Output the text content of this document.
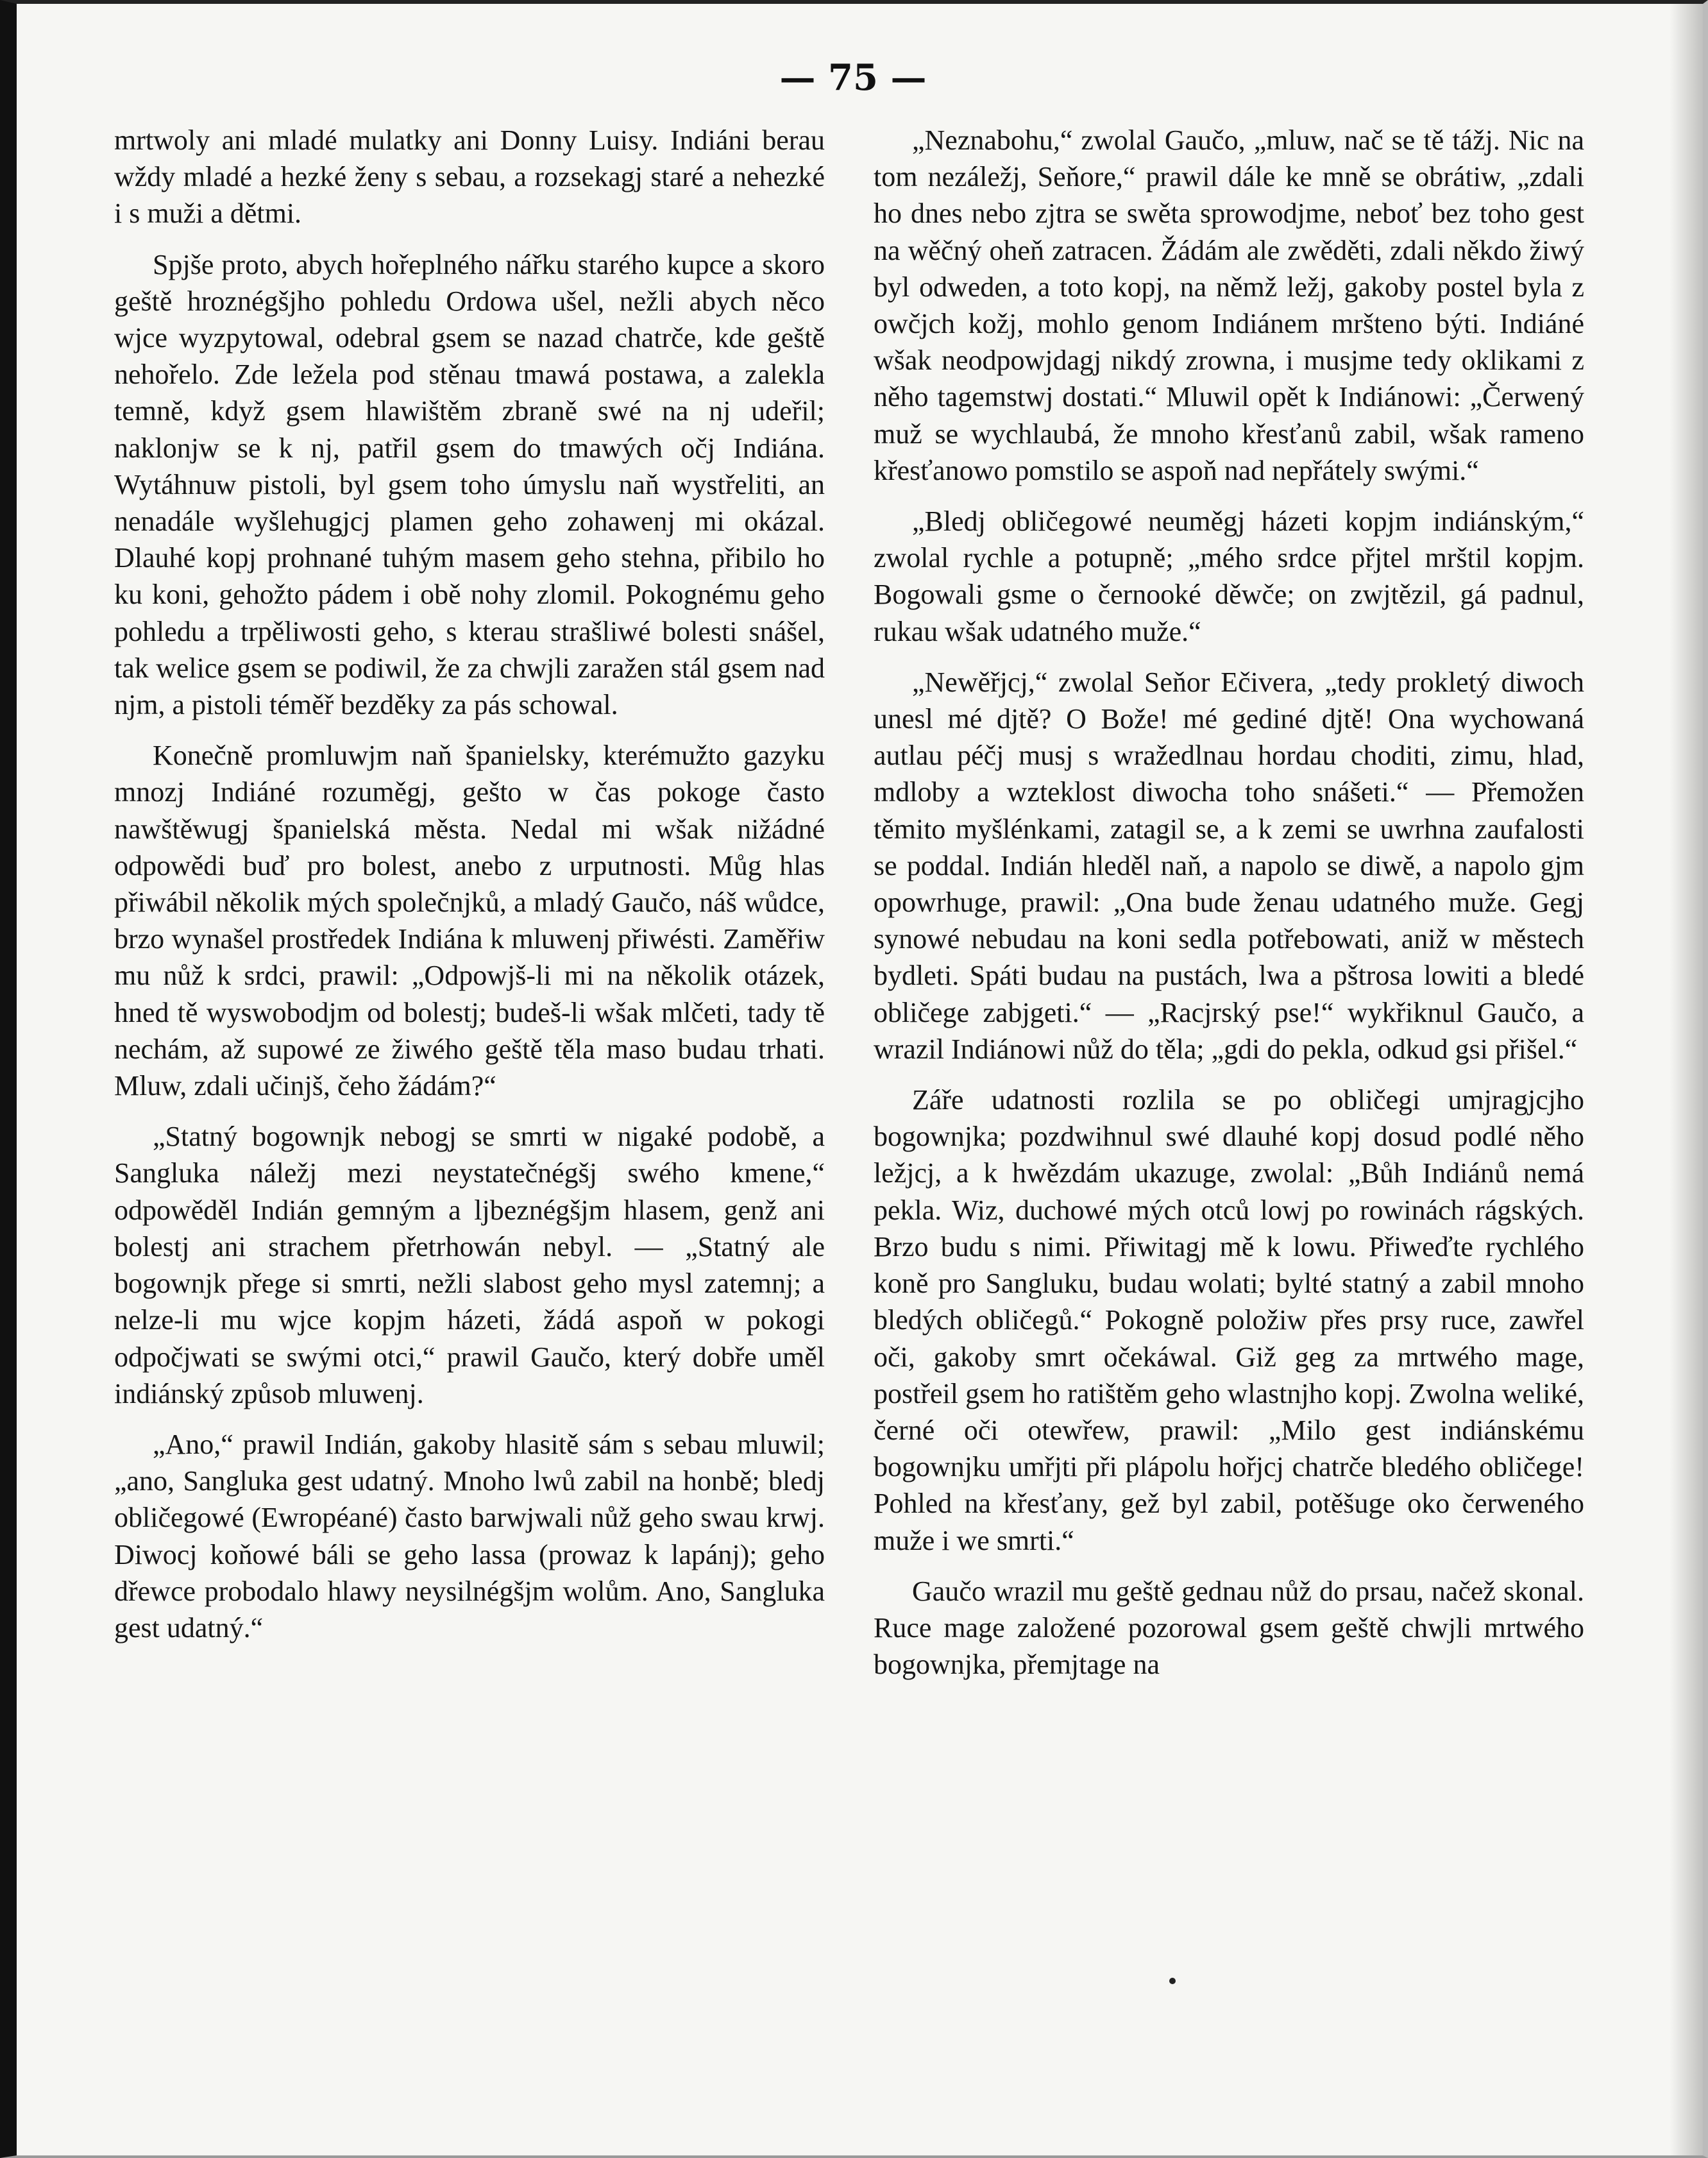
— 75 —

mrtwoly ani mladé mulatky ani Donny Luisy. Indiáni berau wždy mladé a hezké ženy s sebau, a rozsekagj staré a nehezké i s muži a dětmi.

Spjše proto, abych hořeplného nářku starého kupce a skoro geště hroznégšjho pohledu Ordowa ušel, nežli abych něco wjce wyzpytowal, odebral gsem se nazad chatrče, kde geště nehořelo. Zde ležela pod stěnau tmawá postawa, a zalekla temně, když gsem hlawištěm zbraně swé na nj udeřil; naklonjw se k nj, patřil gsem do tmawých očj Indiána. Wytáhnuw pistoli, byl gsem toho úmyslu naň wystřeliti, an nenadále wyšlehugjcj plamen geho zohawenj mi okázal. Dlauhé kopj prohnané tuhým masem geho stehna, přibilo ho ku koni, gehožto pádem i obě nohy zlomil. Pokognému geho pohledu a trpěliwosti geho, s kterau strašliwé bolesti snášel, tak welice gsem se podiwil, že za chwjli zaražen stál gsem nad njm, a pistoli téměř bezděky za pás schowal.

Konečně promluwjm naň španielsky, kterémužto gazyku mnozj Indiáné rozuměgj, gešto w čas pokoge často nawštěwugj španielská města. Nedal mi wšak nižádné odpowědi buď pro bolest, anebo z urputnosti. Můg hlas přiwábil několik mých společnjků, a mladý Gaučo, náš wůdce, brzo wynašel prostředek Indiána k mluwenj přiwésti. Zaměřiw mu nůž k srdci, prawil: „Odpowjš-li mi na několik otázek, hned tě wyswobodjm od bolestj; budeš-li wšak mlčeti, tady tě nechám, až supowé ze žiwého geště těla maso budau trhati. Mluw, zdali učinjš, čeho žádám?“

„Statný bogownjk nebogj se smrti w nigaké podobě, a Sangluka náležj mezi neystatečnégšj swého kmene,“ odpowěděl Indián gemným a ljbeznégšjm hlasem, genž ani bolestj ani strachem přetrhowán nebyl. — „Statný ale bogownjk přege si smrti, nežli slabost geho mysl zatemnj; a nelze-li mu wjce kopjm házeti, žádá aspoň w pokogi odpočjwati se swými otci,“ prawil Gaučo, který dobře uměl indiánský způsob mluwenj.

„Ano,“ prawil Indián, gakoby hlasitě sám s sebau mluwil; „ano, Sangluka gest udatný. Mnoho lwů zabil na honbě; bledj obličegowé (Ewropéané) často barwjwali nůž geho swau krwj. Diwocj koňowé báli se geho lassa (prowaz k lapánj); geho dřewce probodalo hlawy neysilnégšjm wolům. Ano, Sangluka gest udatný.“

„Neznabohu,“ zwolal Gaučo, „mluw, nač se tě tážj. Nic na tom nezáležj, Seňore,“ prawil dále ke mně se obrátiw, „zdali ho dnes nebo zjtra se swěta sprowodjme, neboť bez toho gest na wěčný oheň zatracen. Žádám ale zwěděti, zdali někdo žiwý byl odweden, a toto kopj, na němž ležj, gakoby postel byla z owčjch kožj, mohlo genom Indiánem mršteno býti. Indiáné wšak neodpowjdagj nikdý zrowna, i musjme tedy oklikami z něho tagemstwj dostati.“ Mluwil opět k Indiánowi: „Čerwený muž se wychlaubá, že mnoho křesťanů zabil, wšak rameno křesťanowo pomstilo se aspoň nad nepřátely swými.“

„Bledj obličegowé neuměgj házeti kopjm indiánským,“ zwolal rychle a potupně; „mého srdce přjtel mrštil kopjm. Bogowali gsme o černooké děwče; on zwjtězil, gá padnul, rukau wšak udatného muže.“

„Newěřjcj,“ zwolal Seňor Ečivera, „tedy prokletý diwoch unesl mé djtě? O Bože! mé gediné djtě! Ona wychowaná autlau péčj musj s wražedlnau hordau choditi, zimu, hlad, mdloby a wzteklost diwocha toho snášeti.“ — Přemožen těmito myšlénkami, zatagil se, a k zemi se uwrhna zaufalosti se poddal. Indián hleděl naň, a napolo se diwě, a napolo gjm opowrhuge, prawil: „Ona bude ženau udatného muže. Gegj synowé nebudau na koni sedla potřebowati, aniž w městech bydleti. Spáti budau na pustách, lwa a pštrosa lowiti a bledé obličege zabjgeti.“ — „Racjrský pse!“ wykřiknul Gaučo, a wrazil Indiánowi nůž do těla; „gdi do pekla, odkud gsi přišel.“

Záře udatnosti rozlila se po obličegi umjragjcjho bogownjka; pozdwihnul swé dlauhé kopj dosud podlé něho ležjcj, a k hwězdám ukazuge, zwolal: „Bůh Indiánů nemá pekla. Wiz, duchowé mých otců lowj po rowinách rágských. Brzo budu s nimi. Přiwitagj mě k lowu. Přiweďte rychlého koně pro Sangluku, budau wolati; bylté statný a zabil mnoho bledých obličegů.“ Pokogně položiw přes prsy ruce, zawřel oči, gakoby smrt očekáwal. Giž geg za mrtwého mage, postřeil gsem ho ratištěm geho wlastnjho kopj. Zwolna weliké, černé oči otewřew, prawil: „Milo gest indiánskému bogownjku umřjti při plápolu hořjcj chatrče bledého obličege! Pohled na křesťany, gež byl zabil, potěšuge oko čerweného muže i we smrti.“

Gaučo wrazil mu geště gednau nůž do prsau, načež skonal. Ruce mage založené pozorowal gsem geště chwjli mrtwého bogownjka, přemjtage na
